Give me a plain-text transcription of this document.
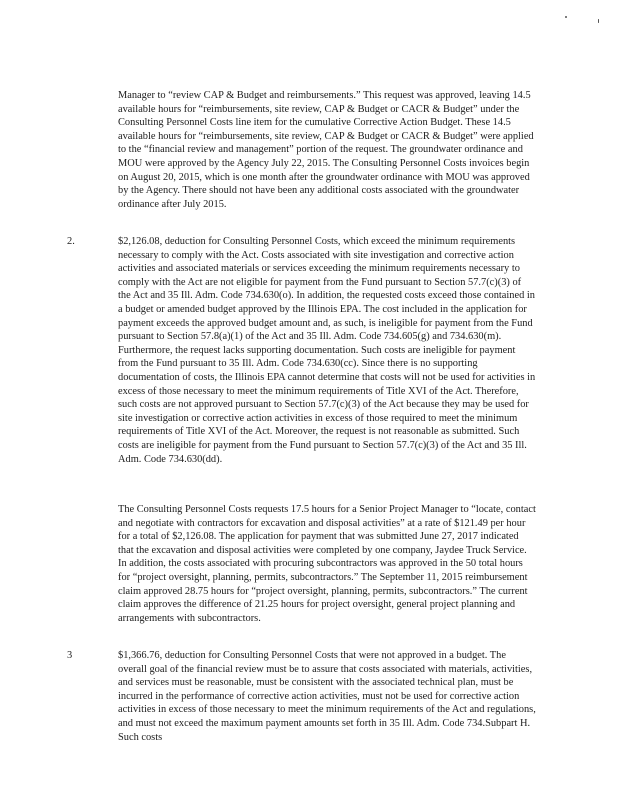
Manager to “review CAP & Budget and reimbursements.” This request was approved, leaving 14.5 available hours for “reimbursements, site review, CAP & Budget or CACR & Budget” under the Consulting Personnel Costs line item for the cumulative Corrective Action Budget. These 14.5 available hours for “reimbursements, site review, CAP & Budget or CACR & Budget” were applied to the “financial review and management” portion of the request. The groundwater ordinance and MOU were approved by the Agency July 22, 2015. The Consulting Personnel Costs invoices begin on August 20, 2015, which is one month after the groundwater ordinance with MOU was approved by the Agency. There should not have been any additional costs associated with the groundwater ordinance after July 2015.

2.	$2,126.08, deduction for Consulting Personnel Costs, which exceed the minimum requirements necessary to comply with the Act. Costs associated with site investigation and corrective action activities and associated materials or services exceeding the minimum requirements necessary to comply with the Act are not eligible for payment from the Fund pursuant to Section 57.7(c)(3) of the Act and 35 Ill. Adm. Code 734.630(o). In addition, the requested costs exceed those contained in a budget or amended budget approved by the Illinois EPA. The cost included in the application for payment exceeds the approved budget amount and, as such, is ineligible for payment from the Fund pursuant to Section 57.8(a)(1) of the Act and 35 Ill. Adm. Code 734.605(g) and 734.630(m). Furthermore, the request lacks supporting documentation. Such costs are ineligible for payment from the Fund pursuant to 35 Ill. Adm. Code 734.630(cc). Since there is no supporting documentation of costs, the Illinois EPA cannot determine that costs will not be used for activities in excess of those necessary to meet the minimum requirements of Title XVI of the Act. Therefore, such costs are not approved pursuant to Section 57.7(c)(3) of the Act because they may be used for site investigation or corrective action activities in excess of those required to meet the minimum requirements of Title XVI of the Act. Moreover, the request is not reasonable as submitted. Such costs are ineligible for payment from the Fund pursuant to Section 57.7(c)(3) of the Act and 35 Ill. Adm. Code 734.630(dd).

The Consulting Personnel Costs requests 17.5 hours for a Senior Project Manager to “locate, contact and negotiate with contractors for excavation and disposal activities” at a rate of $121.49 per hour for a total of $2,126.08. The application for payment that was submitted June 27, 2017 indicated that the excavation and disposal activities were completed by one company, Jaydee Truck Service. In addition, the costs associated with procuring subcontractors was approved in the 50 total hours for “project oversight, planning, permits, subcontractors.” The September 11, 2015 reimbursement claim approved 28.75 hours for “project oversight, planning, permits, subcontractors.” The current claim approves the difference of 21.25 hours for project oversight, general project planning and arrangements with subcontractors.

3	$1,366.76, deduction for Consulting Personnel Costs that were not approved in a budget. The overall goal of the financial review must be to assure that costs associated with materials, activities, and services must be reasonable, must be consistent with the associated technical plan, must be incurred in the performance of corrective action activities, must not be used for corrective action activities in excess of those necessary to meet the minimum requirements of the Act and regulations, and must not exceed the maximum payment amounts set forth in 35 Ill. Adm. Code 734.Subpart H. Such costs
